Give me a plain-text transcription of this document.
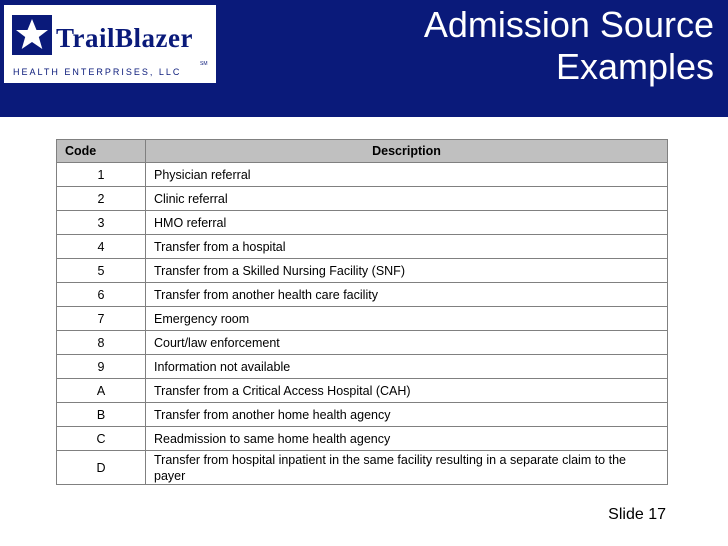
TrailBlazer
SM
HEALTH ENTERPRISES, LLC
Admission Source
Examples
Code	Description
1	Physician referral
2	Clinic referral
3	HMO referral
4	Transfer from a hospital
5	Transfer from a Skilled Nursing Facility (SNF)
6	Transfer from another health care facility
7	Emergency room
8	Court/law enforcement
9	Information not available
A	Transfer from a Critical Access Hospital (CAH)
B	Transfer from another home health agency
C	Readmission to same home health agency
D	Transfer from hospital inpatient in the same facility resulting in a separate claim to the payer
Slide 17
